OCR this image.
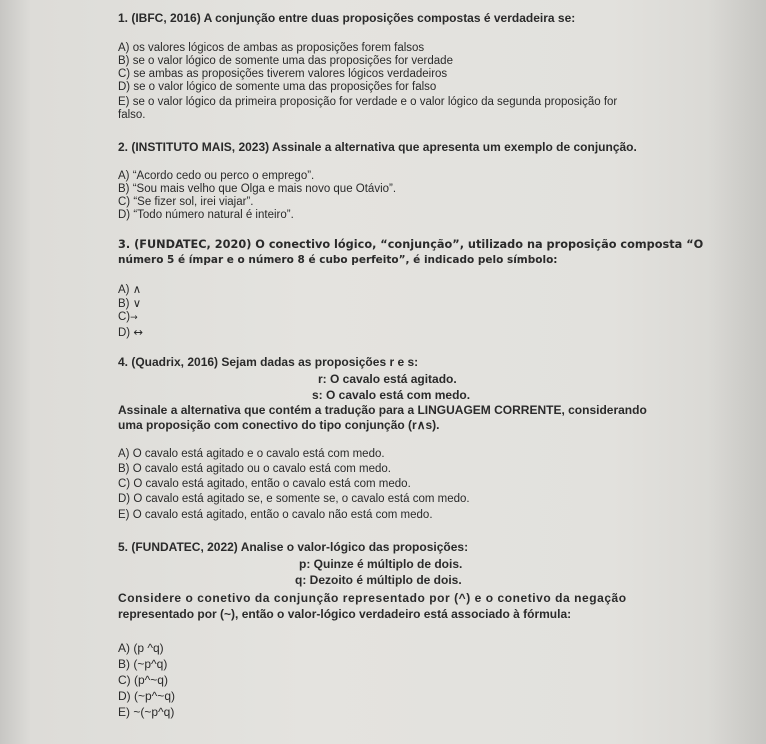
1. (IBFC, 2016) A conjunção entre duas proposições compostas é verdadeira se:
A) os valores lógicos de ambas as proposições forem falsos
B) se o valor lógico de somente uma das proposições for verdade
C) se ambas as proposições tiverem valores lógicos verdadeiros
D) se o valor lógico de somente uma das proposições for falso
E) se o valor lógico da primeira proposição for verdade e o valor lógico da segunda proposição for
falso.
2. (INSTITUTO MAIS, 2023) Assinale a alternativa que apresenta um exemplo de conjunção.
A) “Acordo cedo ou perco o emprego”.
B) “Sou mais velho que Olga e mais novo que Otávio”.
C) “Se fizer sol, irei viajar”.
D) “Todo número natural é inteiro”.
3. (FUNDATEC, 2020) O conectivo lógico, “conjunção”, utilizado na proposição composta “O
número 5 é ímpar e o número 8 é cubo perfeito”, é indicado pelo símbolo:
A) ∧
B) ∨
C)→
D) ↔
4. (Quadrix, 2016) Sejam dadas as proposições r e s:
r: O cavalo está agitado.
s: O cavalo está com medo.
Assinale a alternativa que contém a tradução para a LINGUAGEM CORRENTE, considerando
uma proposição com conectivo do tipo conjunção (r∧s).
A) O cavalo está agitado e o cavalo está com medo.
B) O cavalo está agitado ou o cavalo está com medo.
C) O cavalo está agitado, então o cavalo está com medo.
D) O cavalo está agitado se, e somente se, o cavalo está com medo.
E) O cavalo está agitado, então o cavalo não está com medo.
5. (FUNDATEC, 2022) Analise o valor-lógico das proposições:
p: Quinze é múltiplo de dois.
q: Dezoito é múltiplo de dois.
Considere o conetivo da conjunção representado por (^) e o conetivo da negação
representado por (~), então o valor-lógico verdadeiro está associado à fórmula:
A) (p ^q)
B) (~p^q)
C) (p^~q)
D) (~p^~q)
E) ~(~p^q)
